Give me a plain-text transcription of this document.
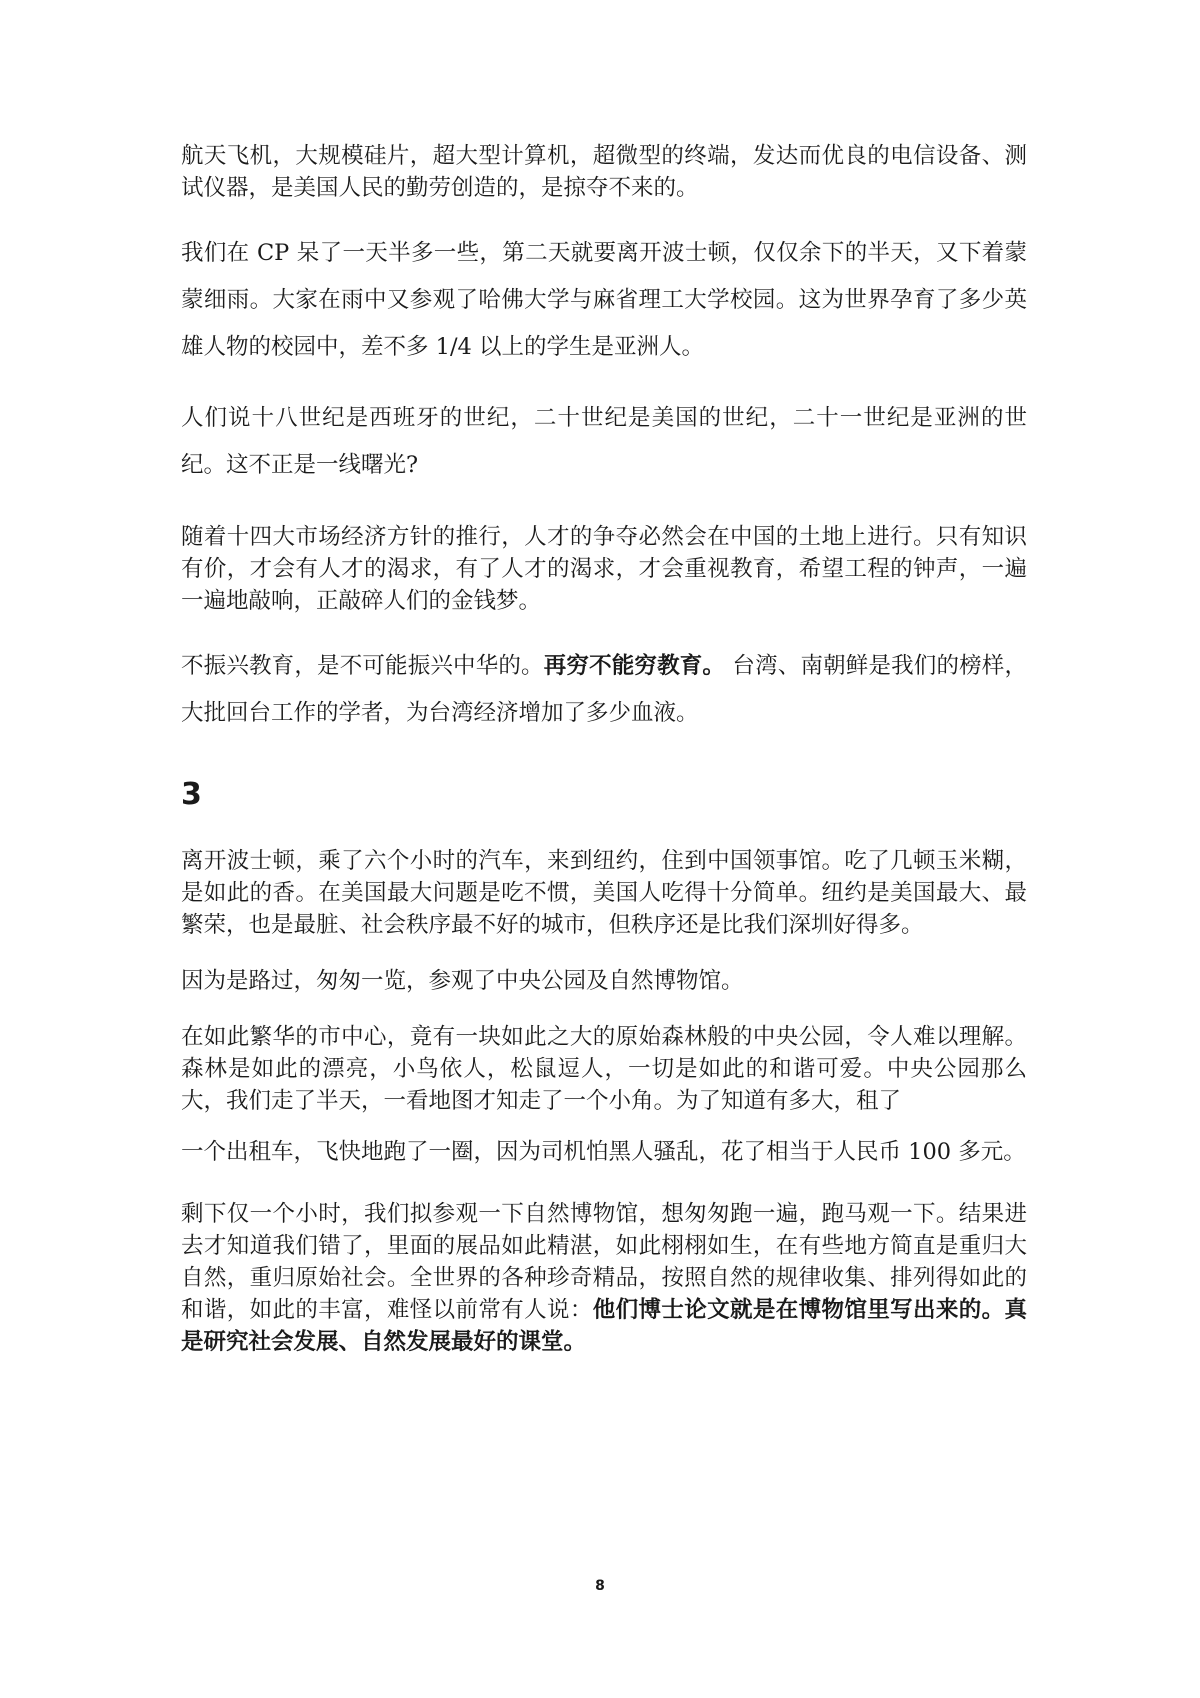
航天飞机，大规模硅片，超大型计算机，超微型的终端，发达而优良的电信设备、测试仪器，是美国人民的勤劳创造的，是掠夺不来的。

我们在 CP 呆了一天半多一些，第二天就要离开波士顿，仅仅余下的半天，又下着蒙蒙细雨。大家在雨中又参观了哈佛大学与麻省理工大学校园。这为世界孕育了多少英雄人物的校园中，差不多 1/4 以上的学生是亚洲人。

人们说十八世纪是西班牙的世纪，二十世纪是美国的世纪，二十一世纪是亚洲的世纪。这不正是一线曙光?

随着十四大市场经济方针的推行，人才的争夺必然会在中国的土地上进行。只有知识有价，才会有人才的渴求，有了人才的渴求，才会重视教育，希望工程的钟声，一遍一遍地敲响，正敲碎人们的金钱梦。

不振兴教育，是不可能振兴中华的。再穷不能穷教育。 台湾、南朝鲜是我们的榜样，大批回台工作的学者，为台湾经济增加了多少血液。

3

离开波士顿，乘了六个小时的汽车，来到纽约，住到中国领事馆。吃了几顿玉米糊，是如此的香。在美国最大问题是吃不惯，美国人吃得十分简单。纽约是美国最大、最繁荣，也是最脏、社会秩序最不好的城市，但秩序还是比我们深圳好得多。

因为是路过，匆匆一览，参观了中央公园及自然博物馆。

在如此繁华的市中心，竟有一块如此之大的原始森林般的中央公园，令人难以理解。森林是如此的漂亮，小鸟依人，松鼠逗人，一切是如此的和谐可爱。中央公园那么大，我们走了半天，一看地图才知走了一个小角。为了知道有多大，租了

一个出租车，飞快地跑了一圈，因为司机怕黑人骚乱，花了相当于人民币 100 多元。

剩下仅一个小时，我们拟参观一下自然博物馆，想匆匆跑一遍，跑马观一下。结果进去才知道我们错了，里面的展品如此精湛，如此栩栩如生，在有些地方简直是重归大自然，重归原始社会。全世界的各种珍奇精品，按照自然的规律收集、排列得如此的和谐，如此的丰富，难怪以前常有人说：他们博士论文就是在博物馆里写出来的。真是研究社会发展、自然发展最好的课堂。

8
